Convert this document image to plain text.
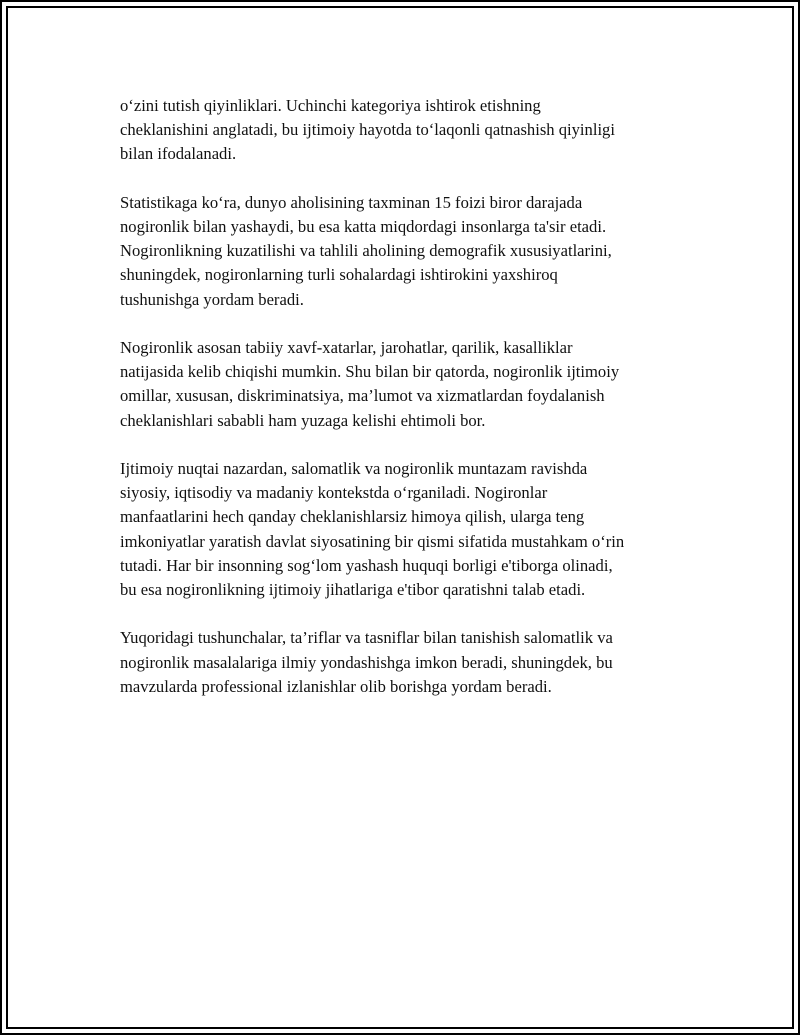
o‘zini tutish qiyinliklari. Uchinchi kategoriya ishtirok etishning
cheklanishini anglatadi, bu ijtimoiy hayotda to‘laqonli qatnashish qiyinligi
bilan ifodalanadi.

Statistikaga ko‘ra, dunyo aholisining taxminan 15 foizi biror darajada
nogironlik bilan yashaydi, bu esa katta miqdordagi insonlarga ta'sir etadi.
Nogironlikning kuzatilishi va tahlili aholining demografik xususiyatlarini,
shuningdek, nogironlarning turli sohalardagi ishtirokini yaxshiroq
tushunishga yordam beradi.

Nogironlik asosan tabiiy xavf-xatarlar, jarohatlar, qarilik, kasalliklar
natijasida kelib chiqishi mumkin. Shu bilan bir qatorda, nogironlik ijtimoiy
omillar, xususan, diskriminatsiya, ma’lumot va xizmatlardan foydalanish
cheklanishlari sababli ham yuzaga kelishi ehtimoli bor.

Ijtimoiy nuqtai nazardan, salomatlik va nogironlik muntazam ravishda
siyosiy, iqtisodiy va madaniy kontekstda o‘rganiladi. Nogironlar
manfaatlarini hech qanday cheklanishlarsiz himoya qilish, ularga teng
imkoniyatlar yaratish davlat siyosatining bir qismi sifatida mustahkam o‘rin
tutadi. Har bir insonning sog‘lom yashash huquqi borligi e'tiborga olinadi,
bu esa nogironlikning ijtimoiy jihatlariga e'tibor qaratishni talab etadi.

Yuqoridagi tushunchalar, ta’riflar va tasniflar bilan tanishish salomatlik va
nogironlik masalalariga ilmiy yondashishga imkon beradi, shuningdek, bu
mavzularda professional izlanishlar olib borishga yordam beradi.
